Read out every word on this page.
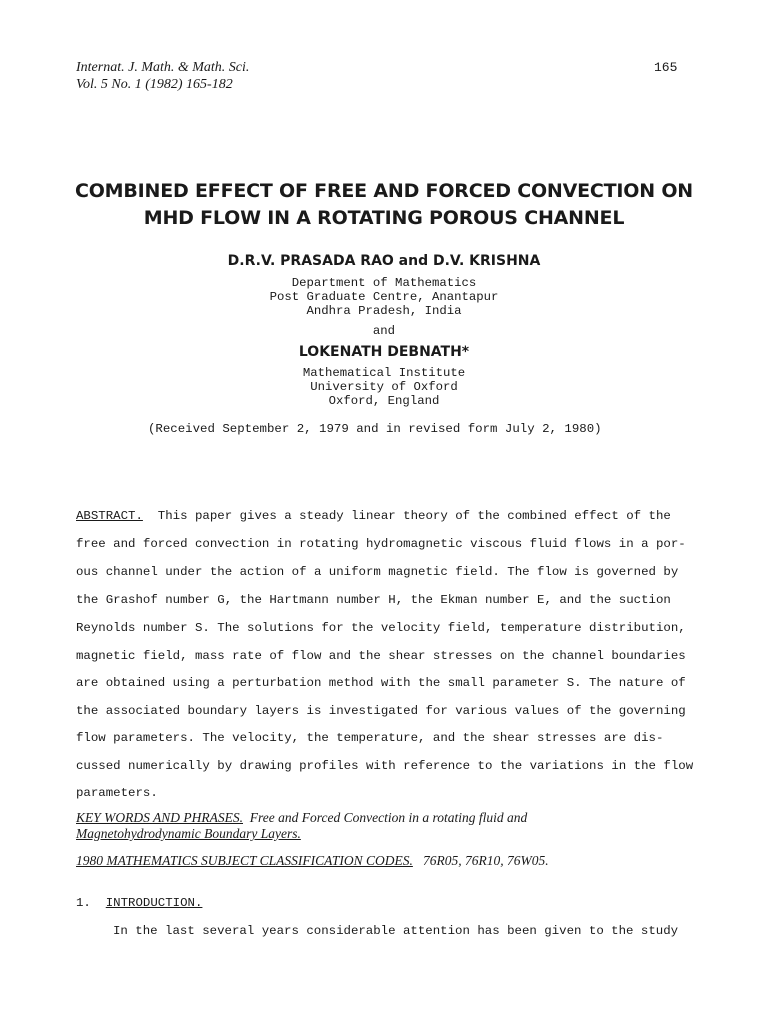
Internat. J. Math. & Math. Sci.
Vol. 5 No. 1 (1982) 165-182
165
COMBINED EFFECT OF FREE AND FORCED CONVECTION ON
MHD FLOW IN A ROTATING POROUS CHANNEL
D.R.V. PRASADA RAO and D.V. KRISHNA
Department of Mathematics
Post Graduate Centre, Anantapur
Andhra Pradesh, India
and
LOKENATH DEBNATH*
Mathematical Institute
University of Oxford
Oxford, England
(Received September 2, 1979 and in revised form July 2, 1980)
ABSTRACT. This paper gives a steady linear theory of the combined effect of the
free and forced convection in rotating hydromagnetic viscous fluid flows in a por-
ous channel under the action of a uniform magnetic field. The flow is governed by
the Grashof number G, the Hartmann number H, the Ekman number E, and the suction
Reynolds number S. The solutions for the velocity field, temperature distribution,
magnetic field, mass rate of flow and the shear stresses on the channel boundaries
are obtained using a perturbation method with the small parameter S. The nature of
the associated boundary layers is investigated for various values of the governing
flow parameters. The velocity, the temperature, and the shear stresses are dis-
cussed numerically by drawing profiles with reference to the variations in the flow
parameters.
KEY WORDS AND PHRASES. Free and Forced Convection in a rotating fluid and
Magnetohydrodynamic Boundary Layers.
1980 MATHEMATICS SUBJECT CLASSIFICATION CODES. 76R05, 76R10, 76W05.
1. INTRODUCTION.
In the last several years considerable attention has been given to the study
